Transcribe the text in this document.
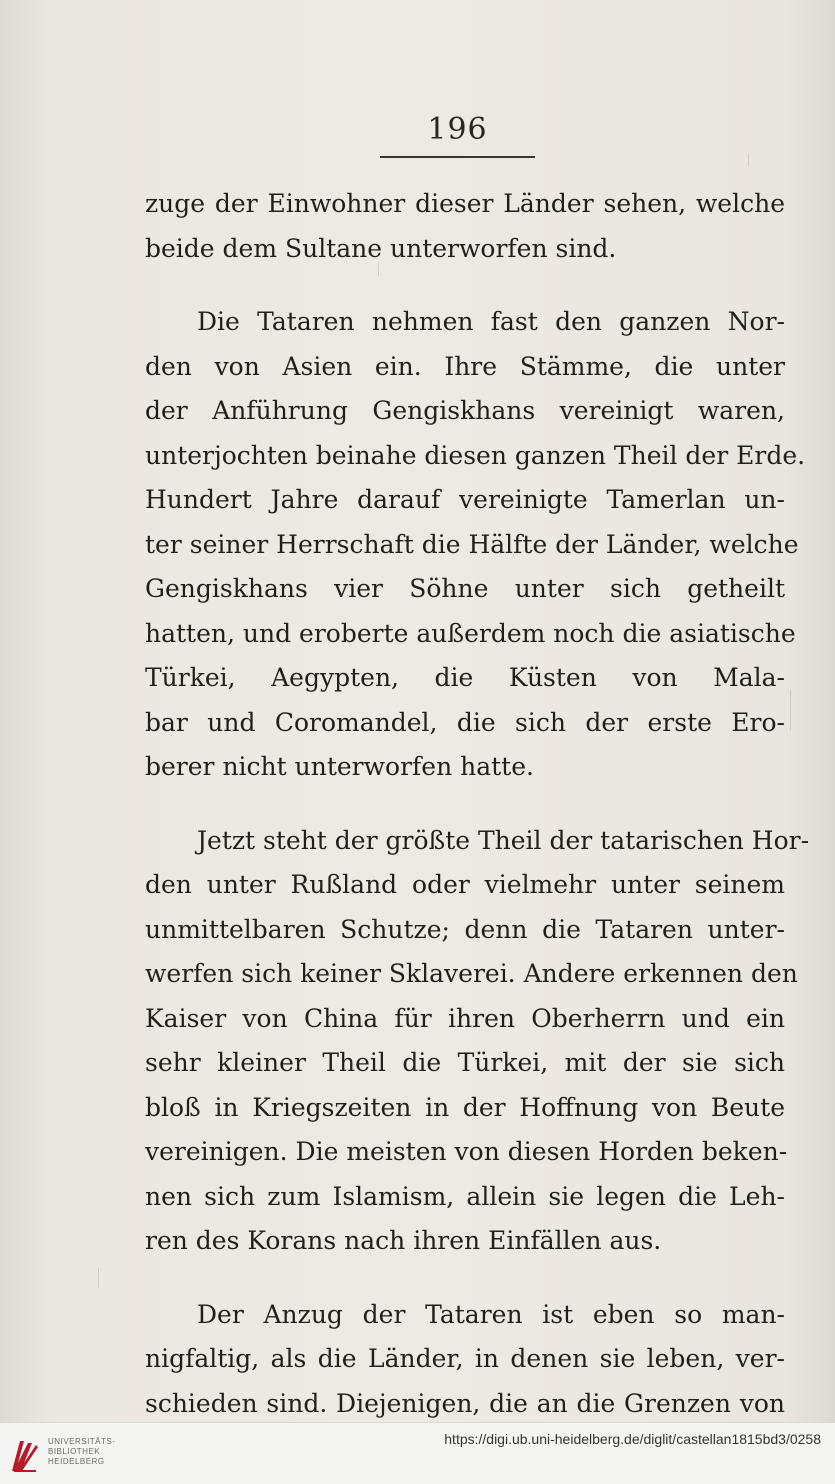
196
zuge der Einwohner dieser Länder sehen, welche
beide dem Sultane unterworfen sind.
Die Tataren nehmen fast den ganzen Nor-
den von Asien ein. Ihre Stämme, die unter
der Anführung Gengiskhans vereinigt waren,
unterjochten beinahe diesen ganzen Theil der Erde.
Hundert Jahre darauf vereinigte Tamerlan un-
ter seiner Herrschaft die Hälfte der Länder, welche
Gengiskhans vier Söhne unter sich getheilt
hatten, und eroberte außerdem noch die asiatische
Türkei, Aegypten, die Küsten von Mala-
bar und Coromandel, die sich der erste Ero-
berer nicht unterworfen hatte.
Jetzt steht der größte Theil der tatarischen Hor-
den unter Rußland oder vielmehr unter seinem
unmittelbaren Schutze; denn die Tataren unter-
werfen sich keiner Sklaverei. Andere erkennen den
Kaiser von China für ihren Oberherrn und ein
sehr kleiner Theil die Türkei, mit der sie sich
bloß in Kriegszeiten in der Hoffnung von Beute
vereinigen. Die meisten von diesen Horden beken-
nen sich zum Islamism, allein sie legen die Leh-
ren des Korans nach ihren Einfällen aus.
Der Anzug der Tataren ist eben so man-
nigfaltig, als die Länder, in denen sie leben, ver-
schieden sind. Diejenigen, die an die Grenzen von
UNIVERSITÄTS-
BIBLIOTHEK
HEIDELBERG
https://digi.ub.uni-heidelberg.de/diglit/castellan1815bd3/0258
